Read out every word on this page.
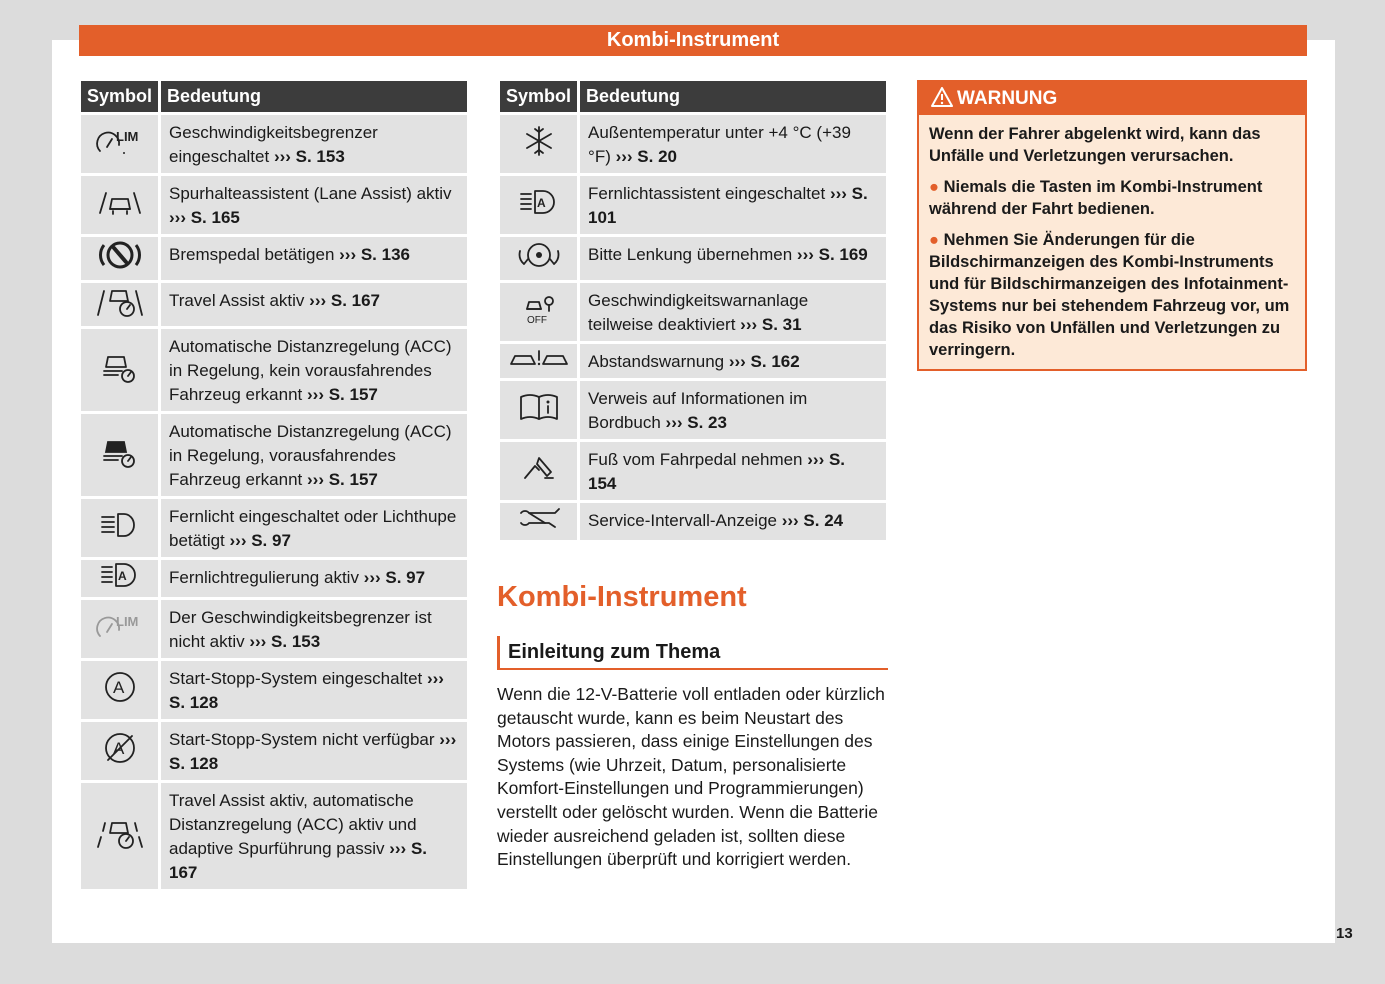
Kombi-Instrument
Symbol	Bedeutung

LIM	Geschwindigkeitsbegrenzer eingeschaltet ››› S. 153
	Spurhalteassistent (Lane Assist) aktiv ››› S. 165
	Bremspedal betätigen ››› S. 136
	Travel Assist aktiv ››› S. 167
	Automatische Distanzregelung (ACC) in Regelung, kein vorausfahrendes Fahrzeug erkannt ››› S. 157
	Automatische Distanzregelung (ACC) in Regelung, vorausfahrendes Fahrzeug erkannt ››› S. 157
	Fernlicht eingeschaltet oder Lichthupe betätigt ››› S. 97

A	Fernlichtregulierung aktiv ››› S. 97

LIM	Der Geschwindigkeitsbegrenzer ist nicht aktiv ››› S. 153

A	Start-Stopp-System eingeschaltet ››› S. 128

A	Start-Stopp-System nicht verfügbar ››› S. 128
	Travel Assist aktiv, automatische Distanzregelung (ACC) aktiv und adaptive Spurführung passiv ››› S. 167
Symbol	Bedeutung
	Außentemperatur unter +4 °C (+39 °F) ››› S. 20

A	Fernlichtassistent eingeschaltet ››› S. 101
	Bitte Lenkung übernehmen ››› S. 169

OFF	Geschwindigkeitswarnanlage teilweise deaktiviert ››› S. 31
	Abstandswarnung ››› S. 162
	Verweis auf Informationen im Bordbuch ››› S. 23
	Fuß vom Fahrpedal nehmen ››› S. 154
	Service-Intervall-Anzeige ››› S. 24
WARNUNG

Wenn der Fahrer abgelenkt wird, kann das Unfälle und Verletzungen verursachen.

● Niemals die Tasten im Kombi-Instrument während der Fahrt bedienen.

● Nehmen Sie Änderungen für die Bildschirmanzeigen des Kombi-Instruments und für Bildschirmanzeigen des Infotainment-Systems nur bei stehendem Fahrzeug vor, um das Risiko von Unfällen und Verletzungen zu verringern.

Kombi-Instrument
Einleitung zum Thema
Wenn die 12-V-Batterie voll entladen oder kürzlich getauscht wurde, kann es beim Neustart des Motors passieren, dass einige Einstellungen des Systems (wie Uhrzeit, Datum, personalisierte Komfort-Einstellungen und Programmierungen) verstellt oder gelöscht wurden. Wenn die Batterie wieder ausreichend geladen ist, sollten diese Einstellungen überprüft und korrigiert werden.
13
